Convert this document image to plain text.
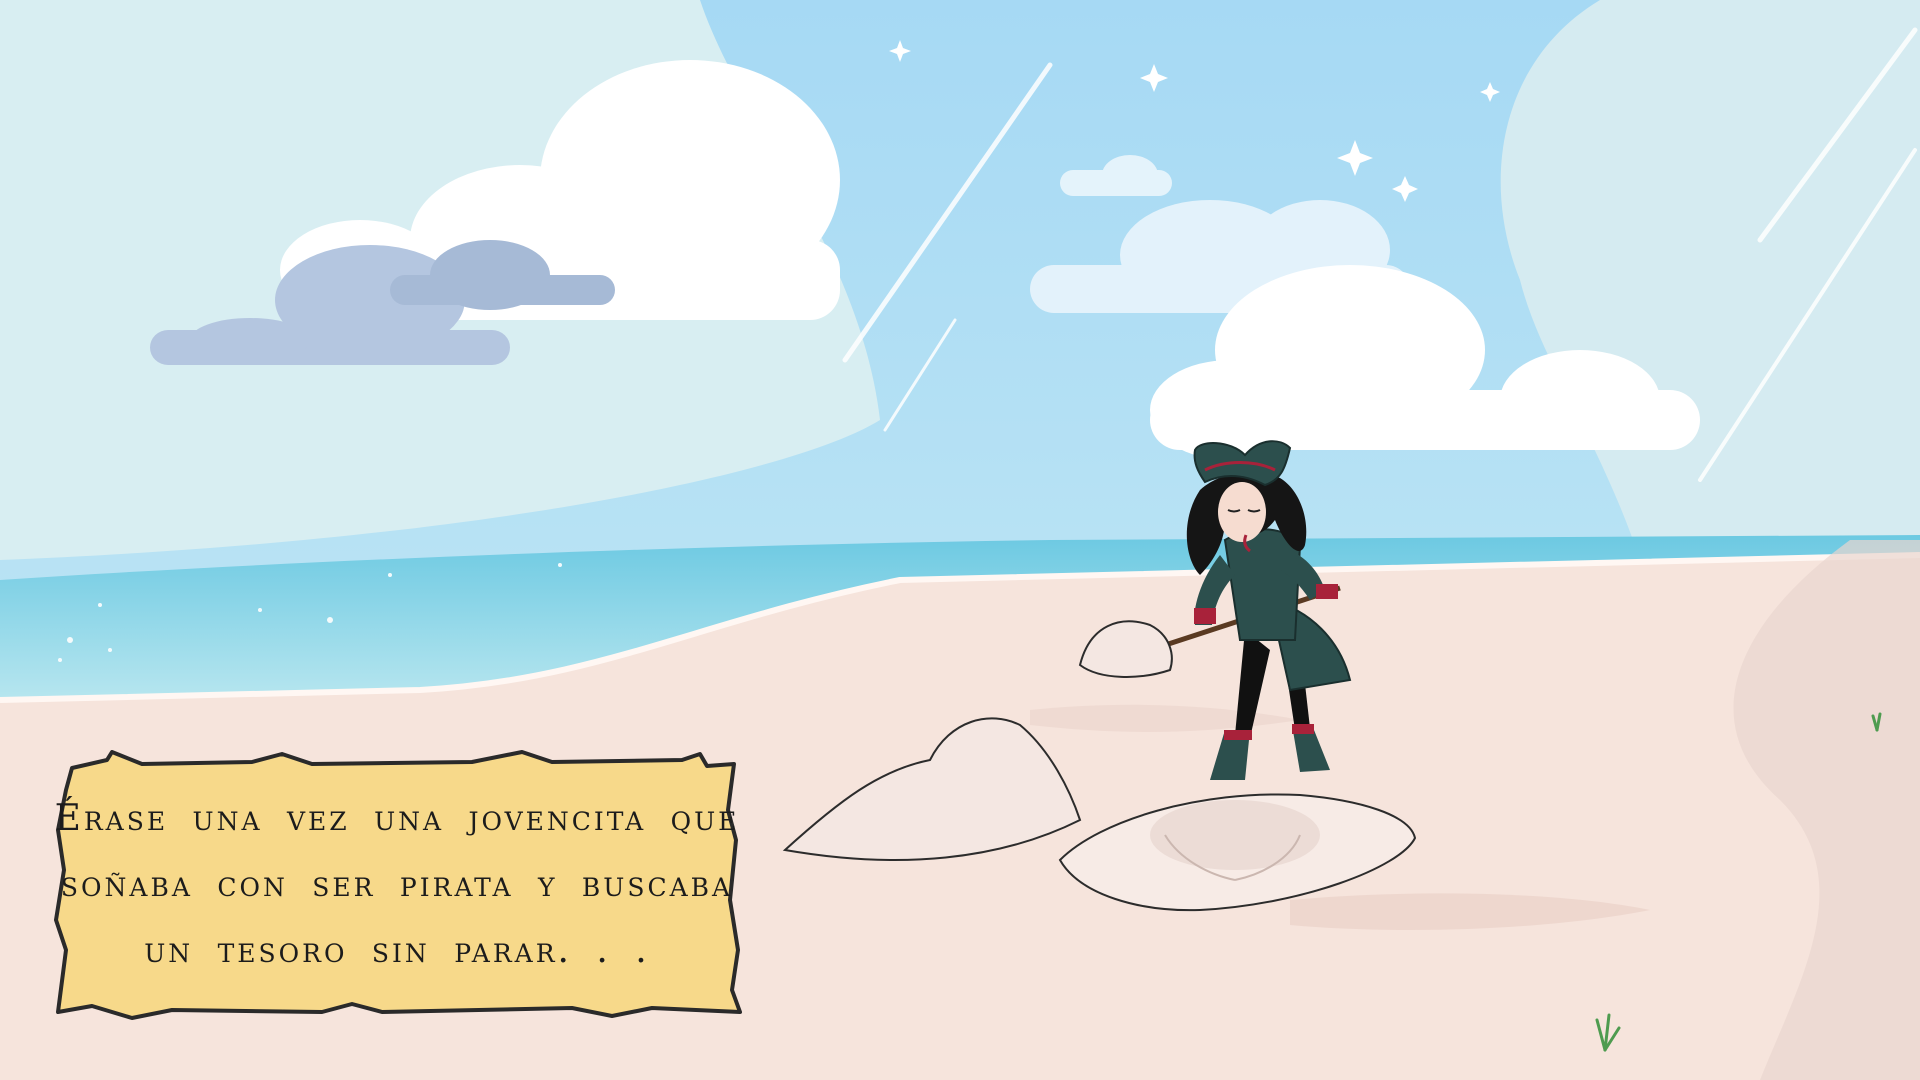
Érase una vez una jovencita que
soñaba con ser pirata y buscaba
un tesoro sin parar. . .
